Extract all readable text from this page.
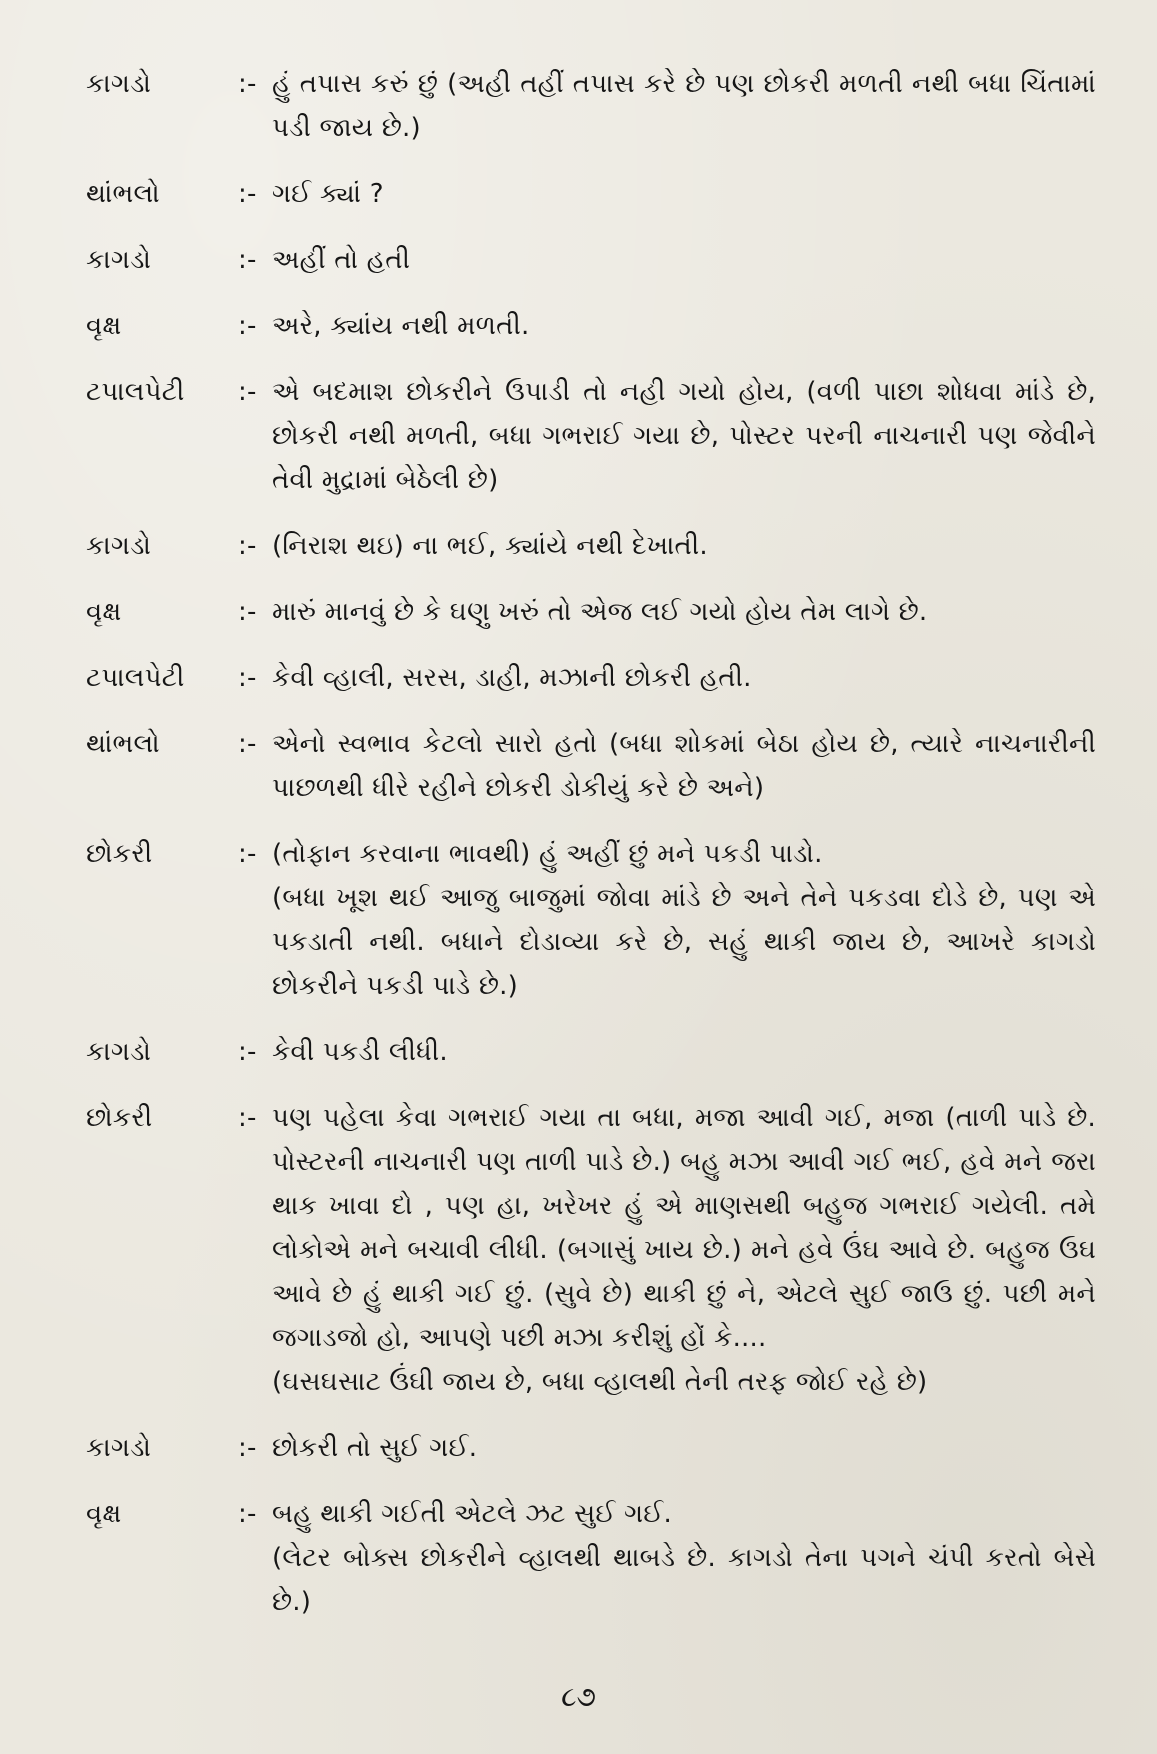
કાગડો	:- હું તપાસ કરું છું (અહી તહીં તપાસ કરે છે પણ છોકરી મળતી નથી બધા ચિંતામાં પડી જાય છે.)
થાંભલો	:- ગઈ ક્યાં ?
કાગડો	:- અહીં તો હતી
વૃક્ષ	:- અરે, ક્યાંય નથી મળતી.
ટપાલપેટી	:- એ બદમાશ છોકરીને ઉપાડી તો નહી ગયો હોય, (વળી પાછા શોધવા માંડે છે, છોકરી નથી મળતી, બધા ગભરાઈ ગયા છે, પોસ્ટર પરની નાચનારી પણ જેવીને તેવી મુદ્રામાં બેઠેલી છે)
કાગડો	:- (નિરાશ થઇ) ના ભઈ, ક્યાંયે નથી દેખાતી.
વૃક્ષ	:- મારું માનવું છે કે ઘણુ ખરું તો એજ લઈ ગયો હોય તેમ લાગે છે.
ટપાલપેટી	:- કેવી વ્હાલી, સરસ, ડાહી, મઝાની છોકરી હતી.
થાંભલો	:- એનો સ્વભાવ કેટલો સારો હતો (બધા શોકમાં બેઠા હોય છે, ત્યારે નાચનારીની પાછળથી ધીરે રહીને છોકરી ડોકીયું કરે છે અને)
છોકરી	:- (તોફાન કરવાના ભાવથી) હું અહીં છું મને પકડી પાડો.
(બધા ખૂશ થઈ આજુ બાજુમાં જોવા માંડે છે અને તેને પકડવા દોડે છે, પણ એ પકડાતી નથી. બધાને દોડાવ્યા કરે છે, સહું થાકી જાય છે, આખરે કાગડો છોકરીને પકડી પાડે છે.)
કાગડો	:- કેવી પકડી લીધી.
છોકરી	:- પણ પહેલા કેવા ગભરાઈ ગયા તા બધા, મજા આવી ગઈ, મજા (તાળી પાડે છે. પોસ્ટરની નાચનારી પણ તાળી પાડે છે.) બહુ મઝા આવી ગઈ ભઈ, હવે મને જરા થાક ખાવા દો , પણ હા, ખરેખર હું એ માણસથી બહુજ ગભરાઈ ગયેલી. તમે લોકોએ મને બચાવી લીધી. (બગાસું ખાય છે.) મને હવે ઉંઘ આવે છે. બહુજ ઉઘ આવે છે હું થાકી ગઈ છું. (સુવે છે) થાકી છું ને, એટલે સુઈ જાઉ છું. પછી મને જગાડજો હો, આપણે પછી મઝા કરીશું હોં કે....
(ઘસઘસાટ ઉંઘી જાય છે, બધા વ્હાલથી તેની તરફ જોઈ રહે છે)
કાગડો	:- છોકરી તો સુઈ ગઈ.
વૃક્ષ	:- બહુ થાકી ગઈતી એટલે ઝટ સુઈ ગઈ.
(લેટર બોક્સ છોકરીને વ્હાલથી થાબડે છે. કાગડો તેના પગને ચંપી કરતો બેસે છે.)
૮૭
